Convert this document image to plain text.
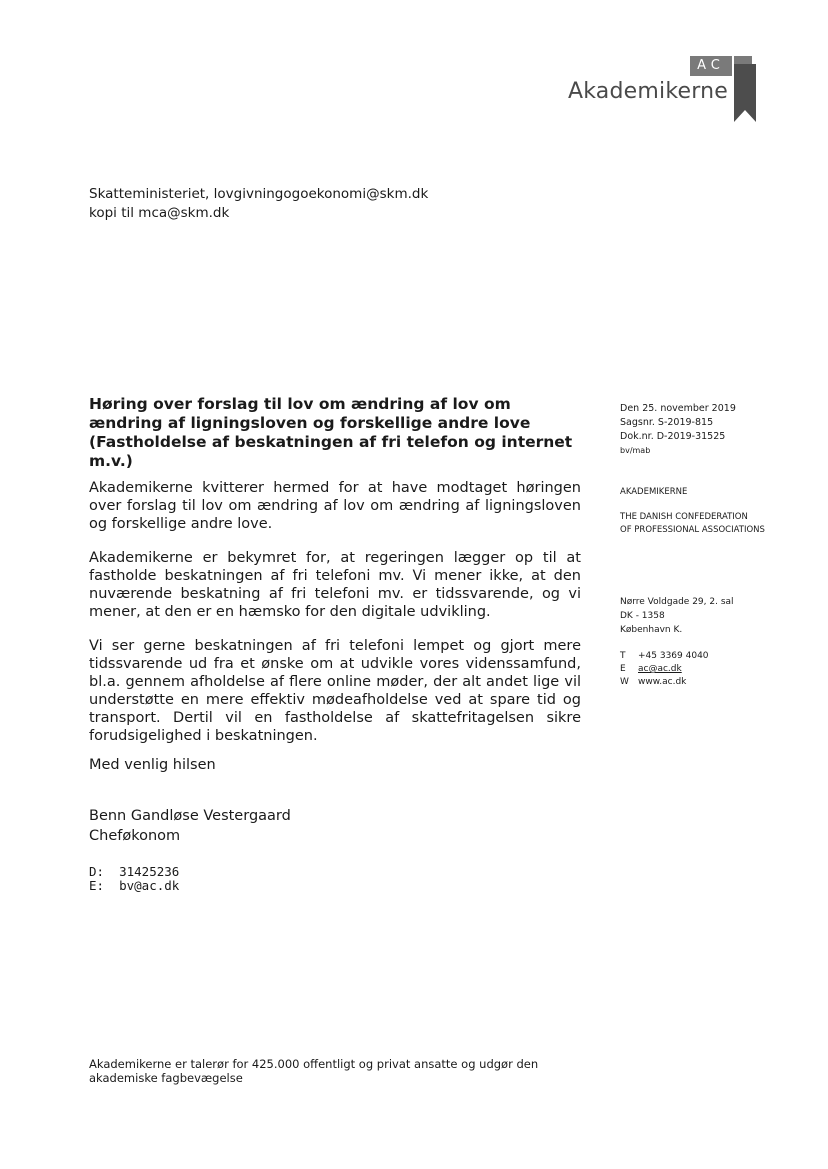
AC
Akademikerne
Skatteministeriet, lovgivningogoekonomi@skm.dk
kopi til mca@skm.dk
Høring over forslag til lov om ændring af lov om ændring af ligningsloven og forskellige andre love (Fastholdelse af beskatningen af fri telefon og internet m.v.)

Akademikerne kvitterer hermed for at have modtaget høringen over forslag til lov om ændring af lov om ændring af ligningsloven og forskellige andre love.

Akademikerne er bekymret for, at regeringen lægger op til at fastholde beskatningen af fri telefoni mv. Vi mener ikke, at den nuværende beskatning af fri telefoni mv. er tidssvarende, og vi mener, at den er en hæmsko for den digitale udvikling.

Vi ser gerne beskatningen af fri telefoni lempet og gjort mere tidssvarende ud fra et ønske om at udvikle vores videnssamfund, bl.a. gennem afholdelse af flere online møder, der alt andet lige vil understøtte en mere effektiv mødeafholdelse ved at spare tid og transport. Dertil vil en fastholdelse af skattefritagelsen sikre forudsigelighed i beskatningen.

Med venlig hilsen
Benn Gandløse Vestergaard
Cheføkonom
D:  31425236
E:  bv@ac.dk
Den 25. november 2019
Sagsnr. S-2019-815
Dok.nr. D-2019-31525
bv/mab
AKADEMIKERNE
THE DANISH CONFEDERATION
OF PROFESSIONAL ASSOCIATIONS
Nørre Voldgade 29, 2. sal
DK - 1358
København K.
T	+45 3369 4040
E	ac@ac.dk
W	www.ac.dk
Akademikerne er talerør for 425.000 offentligt og privat ansatte og udgør den akademiske fagbevægelse
